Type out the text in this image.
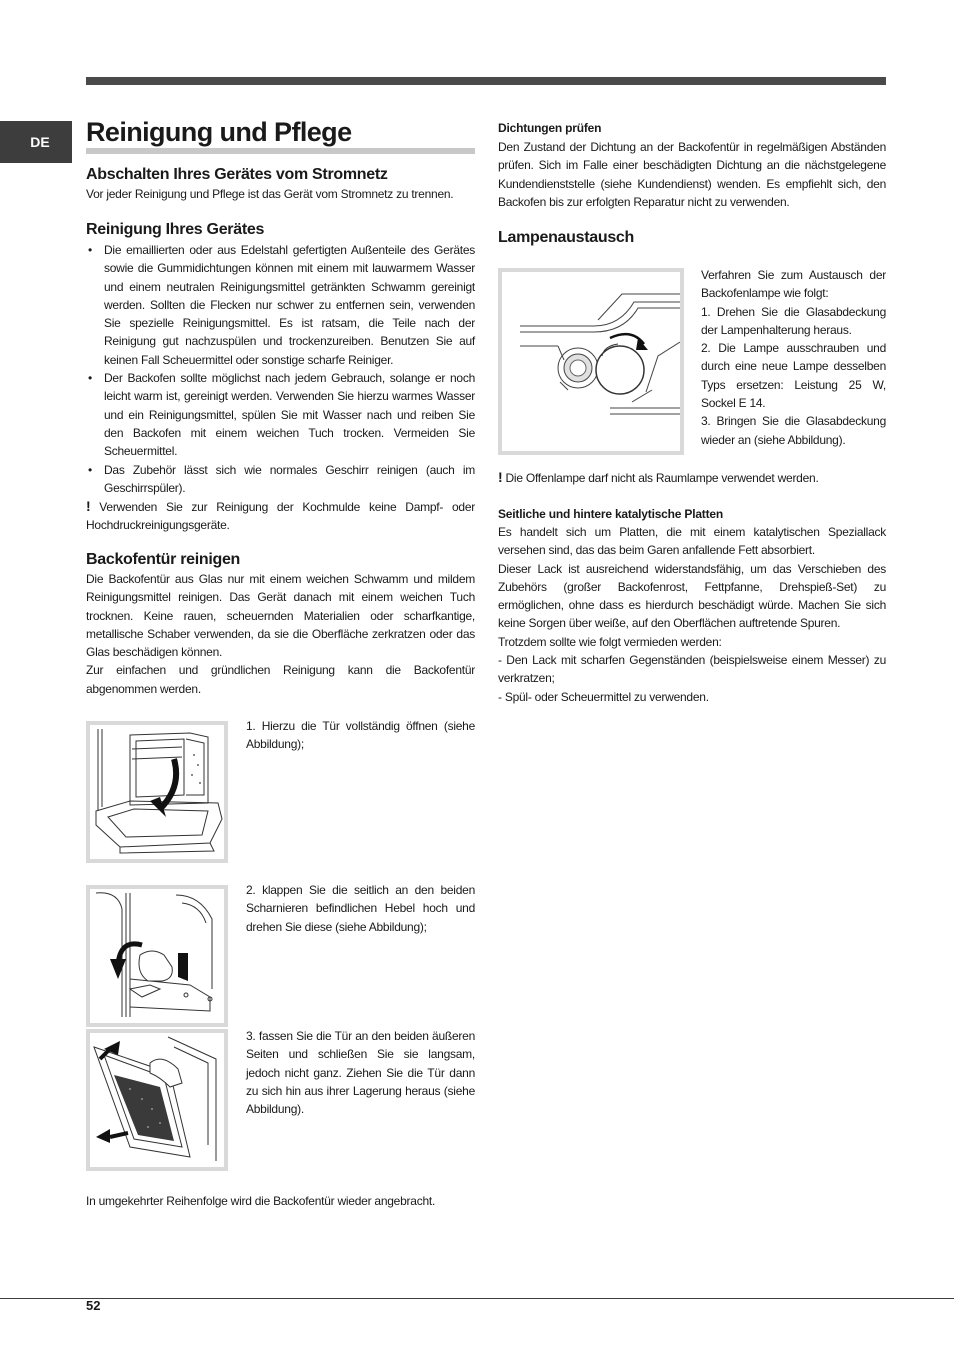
DE	Reinigung und Pflege
Abschalten Ihres Gerätes vom Stromnetz
Vor jeder Reinigung und Pflege ist das Gerät vom Stromnetz zu trennen.
Reinigung Ihres Gerätes
• Die emaillierten oder aus Edelstahl gefertigten Außenteile des Gerätes sowie die Gummidichtungen können mit einem mit lauwarmem Wasser und einem neutralen Reinigungsmittel getränkten Schwamm gereinigt werden. Sollten die Flecken nur schwer zu entfernen sein, verwenden Sie spezielle Reinigungsmittel. Es ist ratsam, die Teile nach der Reinigung gut nachzuspülen und trockenzureiben. Benutzen Sie auf keinen Fall Scheuermittel oder sonstige scharfe Reiniger.
• Der Backofen sollte möglichst nach jedem Gebrauch, solange er noch leicht warm ist, gereinigt werden. Verwenden Sie hierzu warmes Wasser und ein Reinigungsmittel, spülen Sie mit Wasser nach und reiben Sie den Backofen mit einem weichen Tuch trocken. Vermeiden Sie Scheuermittel.
• Das Zubehör lässt sich wie normales Geschirr reinigen (auch im Geschirrspüler).
! Verwenden Sie zur Reinigung der Kochmulde keine Dampf- oder Hochdruckreinigungsgeräte.
Backofentür reinigen

Die Backofentür aus Glas nur mit einem weichen Schwamm und mildem Reinigungsmittel reinigen. Das Gerät danach mit einem weichen Tuch trocknen. Keine rauen, scheuernden Materialien oder scharfkantige, metallische Schaber verwenden, da sie die Oberfläche zerkratzen oder das Glas beschädigen können.

Zur einfachen und gründlichen Reinigung kann die Backofentür abgenommen werden.

1. Hierzu die Tür vollständig öffnen (siehe Abbildung);
2. klappen Sie die seitlich an den beiden Scharnieren befindlichen Hebel hoch und drehen Sie diese (siehe Abbildung);
3. fassen Sie die Tür an den beiden äußeren Seiten und schließen Sie sie langsam, jedoch nicht ganz. Ziehen Sie die Tür dann zu sich hin aus ihrer Lagerung heraus (siehe Abbildung).
In umgekehrter Reihenfolge wird die Backofentür wieder angebracht.
Dichtungen prüfen
Den Zustand der Dichtung an der Backofentür in regelmäßigen Abständen prüfen. Sich im Falle einer beschädigten Dichtung an die nächstgelegene Kundendienststelle (siehe Kundendienst) wenden. Es empfiehlt sich, den Backofen bis zur erfolgten Reparatur nicht zu verwenden.
Lampenaustausch

Verfahren Sie zum Austausch der Backofenlampe wie folgt:

1. Drehen Sie die Glasabdeckung der Lampenhalterung heraus.

2. Die Lampe ausschrauben und durch eine neue Lampe desselben Typs ersetzen: Leistung 25 W, Sockel E 14.

3. Bringen Sie die Glasabdeckung wieder an (siehe Abbildung).

! Die Offenlampe darf nicht als Raumlampe verwendet werden.
Seitliche und hintere katalytische Platten

Es handelt sich um Platten, die mit einem katalytischen Speziallack versehen sind, das das beim Garen anfallende Fett absorbiert.

Dieser Lack ist ausreichend widerstandsfähig, um das Verschieben des Zubehörs (großer Backofenrost, Fettpfanne, Drehspieß-Set) zu ermöglichen, ohne dass es hierdurch beschädigt würde. Machen Sie sich keine Sorgen über weiße, auf den Oberflächen auftretende Spuren.

Trotzdem sollte wie folgt vermieden werden:

- Den Lack mit scharfen Gegenständen (beispielsweise einem Messer) zu verkratzen;

- Spül- oder Scheuermittel zu verwenden.

52
